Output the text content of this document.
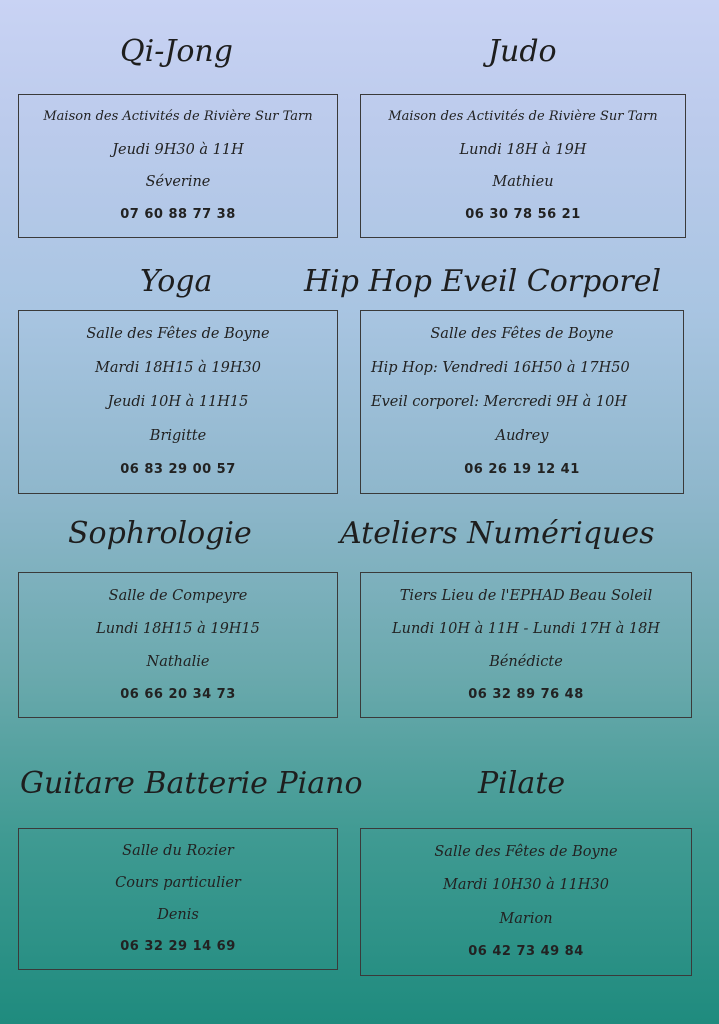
Qi-Jong
Maison des Activités de Rivière Sur Tarn
Jeudi 9H30 à 11H
Séverine
07 60 88 77 38
Judo
Maison des Activités de Rivière Sur Tarn
Lundi 18H à 19H
Mathieu
06 30 78 56 21
Yoga
Salle des Fêtes de Boyne
Mardi 18H15 à 19H30
Jeudi 10H à 11H15
Brigitte
06 83 29 00 57
Hip Hop Eveil Corporel
Salle des Fêtes de Boyne
Hip Hop: Vendredi 16H50 à 17H50
Eveil corporel: Mercredi 9H à 10H
Audrey
06 26 19 12 41
Sophrologie
Salle de Compeyre
Lundi 18H15 à 19H15
Nathalie
06 66 20 34 73
Ateliers Numériques
Tiers Lieu de l'EPHAD Beau Soleil
Lundi 10H à 11H - Lundi 17H à 18H
Bénédicte
06 32 89 76 48
Guitare Batterie Piano
Salle du Rozier
Cours particulier
Denis
06 32 29 14 69
Pilate
Salle des Fêtes de Boyne
Mardi 10H30 à 11H30
Marion
06 42 73 49 84
